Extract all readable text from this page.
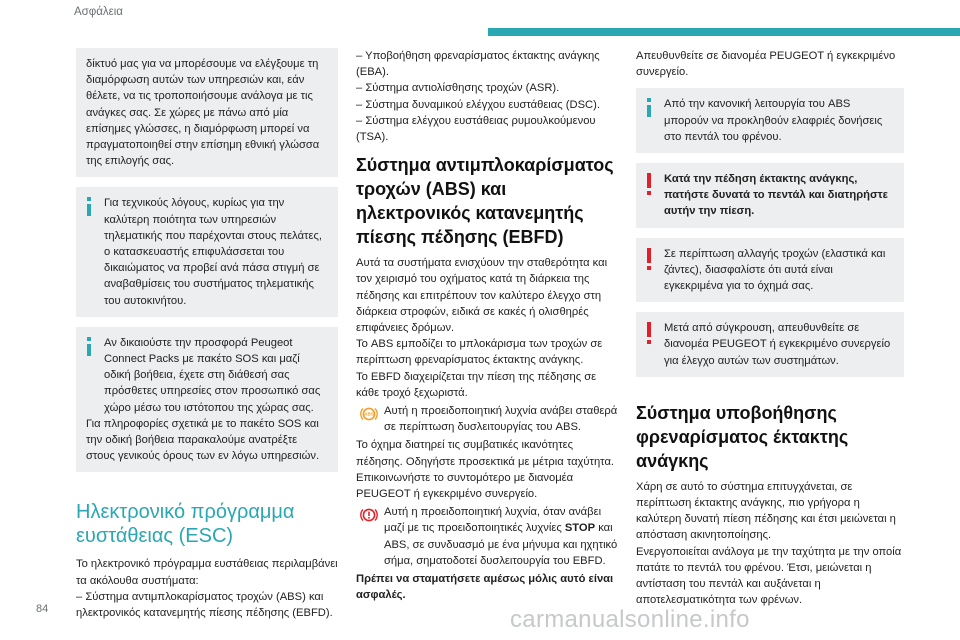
Ασφάλεια
δίκτυό μας για να μπορέσουμε να ελέγξουμε τη διαμόρφωση αυτών των υπηρεσιών και, εάν θέλετε, να τις τροποποιήσουμε ανάλογα με τις ανάγκες σας. Σε χώρες με πάνω από μία επίσημες γλώσσες, η διαμόρφωση μπορεί να πραγματοποιηθεί στην επίσημη εθνική γλώσσα της επιλογής σας.

Για τεχνικούς λόγους, κυρίως για την καλύτερη ποιότητα των υπηρεσιών τηλεματικής που παρέχονται στους πελάτες, ο κατασκευαστής επιφυλάσσεται του δικαιώματος να προβεί ανά πάσα στιγμή σε αναβαθμίσεις του συστήματος τηλεματικής του αυτοκινήτου.

Αν δικαιούστε την προσφορά Peugeot Connect Packs με πακέτο SOS και μαζί οδική βοήθεια, έχετε στη διάθεσή σας πρόσθετες υπηρεσίες στον προσωπικό σας χώρο μέσω του ιστότοπου της χώρας σας.

Για πληροφορίες σχετικά με το πακέτο SOS και την οδική βοήθεια παρακαλούμε ανατρέξτε στους γενικούς όρους των εν λόγω υπηρεσιών.

Ηλεκτρονικό πρόγραμμα ευστάθειας (ESC)

Το ηλεκτρονικό πρόγραμμα ευστάθειας περιλαμβάνει τα ακόλουθα συστήματα:

– Σύστημα αντιμπλοκαρίσματος τροχών (ABS) και ηλεκτρονικός κατανεμητής πίεσης πέδησης (EBFD).

– Υποβοήθηση φρεναρίσματος έκτακτης ανάγκης (EBA).

– Σύστημα αντιολίσθησης τροχών (ASR).

– Σύστημα δυναμικού ελέγχου ευστάθειας (DSC).

– Σύστημα ελέγχου ευστάθειας ρυμουλκούμενου (TSA).

Σύστημα αντιμπλοκαρίσματος τροχών (ABS) και ηλεκτρονικός κατανεμητής πίεσης πέδησης (EBFD)

Αυτά τα συστήματα ενισχύουν την σταθερότητα και τον χειρισμό του οχήματος κατά τη διάρκεια της πέδησης και επιτρέπουν τον καλύτερο έλεγχο στη διάρκεια στροφών, ειδικά σε κακές ή ολισθηρές επιφάνειες δρόμων.

Το ABS εμποδίζει το μπλοκάρισμα των τροχών σε περίπτωση φρεναρίσματος έκτακτης ανάγκης.

Το EBFD διαχειρίζεται την πίεση της πέδησης σε κάθε τροχό ξεχωριστά.

ABS Αυτή η προειδοποιητική λυχνία ανάβει σταθερά σε περίπτωση δυσλειτουργίας του ABS.

Το όχημα διατηρεί τις συμβατικές ικανότητες πέδησης. Οδηγήστε προσεκτικά με μέτρια ταχύτητα.

Επικοινωνήστε το συντομότερο με διανομέα PEUGEOT ή εγκεκριμένο συνεργείο.

Αυτή η προειδοποιητική λυχνία, όταν ανάβει μαζί με τις προειδοποιητικές λυχνίες STOP και ABS, σε συνδυασμό με ένα μήνυμα και ηχητικό σήμα, σηματοδοτεί δυσλειτουργία του EBFD.

Πρέπει να σταματήσετε αμέσως μόλις αυτό είναι ασφαλές.

Απευθυνθείτε σε διανομέα PEUGEOT ή εγκεκριμένο συνεργείο.

Από την κανονική λειτουργία του ABS μπορούν να προκληθούν ελαφριές δονήσεις στο πεντάλ του φρένου.

Κατά την πέδηση έκτακτης ανάγκης, πατήστε δυνατά το πεντάλ και διατηρήστε αυτήν την πίεση.

Σε περίπτωση αλλαγής τροχών (ελαστικά και ζάντες), διασφαλίστε ότι αυτά είναι εγκεκριμένα για το όχημά σας.

Μετά από σύγκρουση, απευθυνθείτε σε διανομέα PEUGEOT ή εγκεκριμένο συνεργείο για έλεγχο αυτών των συστημάτων.

Σύστημα υποβοήθησης φρεναρίσματος έκτακτης ανάγκης

Χάρη σε αυτό το σύστημα επιτυγχάνεται, σε περίπτωση έκτακτης ανάγκης, πιο γρήγορα η καλύτερη δυνατή πίεση πέδησης και έτσι μειώνεται η απόσταση ακινητοποίησης.

Ενεργοποιείται ανάλογα με την ταχύτητα με την οποία πατάτε το πεντάλ του φρένου. Έτσι, μειώνεται η αντίσταση του πεντάλ και αυξάνεται η αποτελεσματικότητα των φρένων.

84	carmanualsonline.info
